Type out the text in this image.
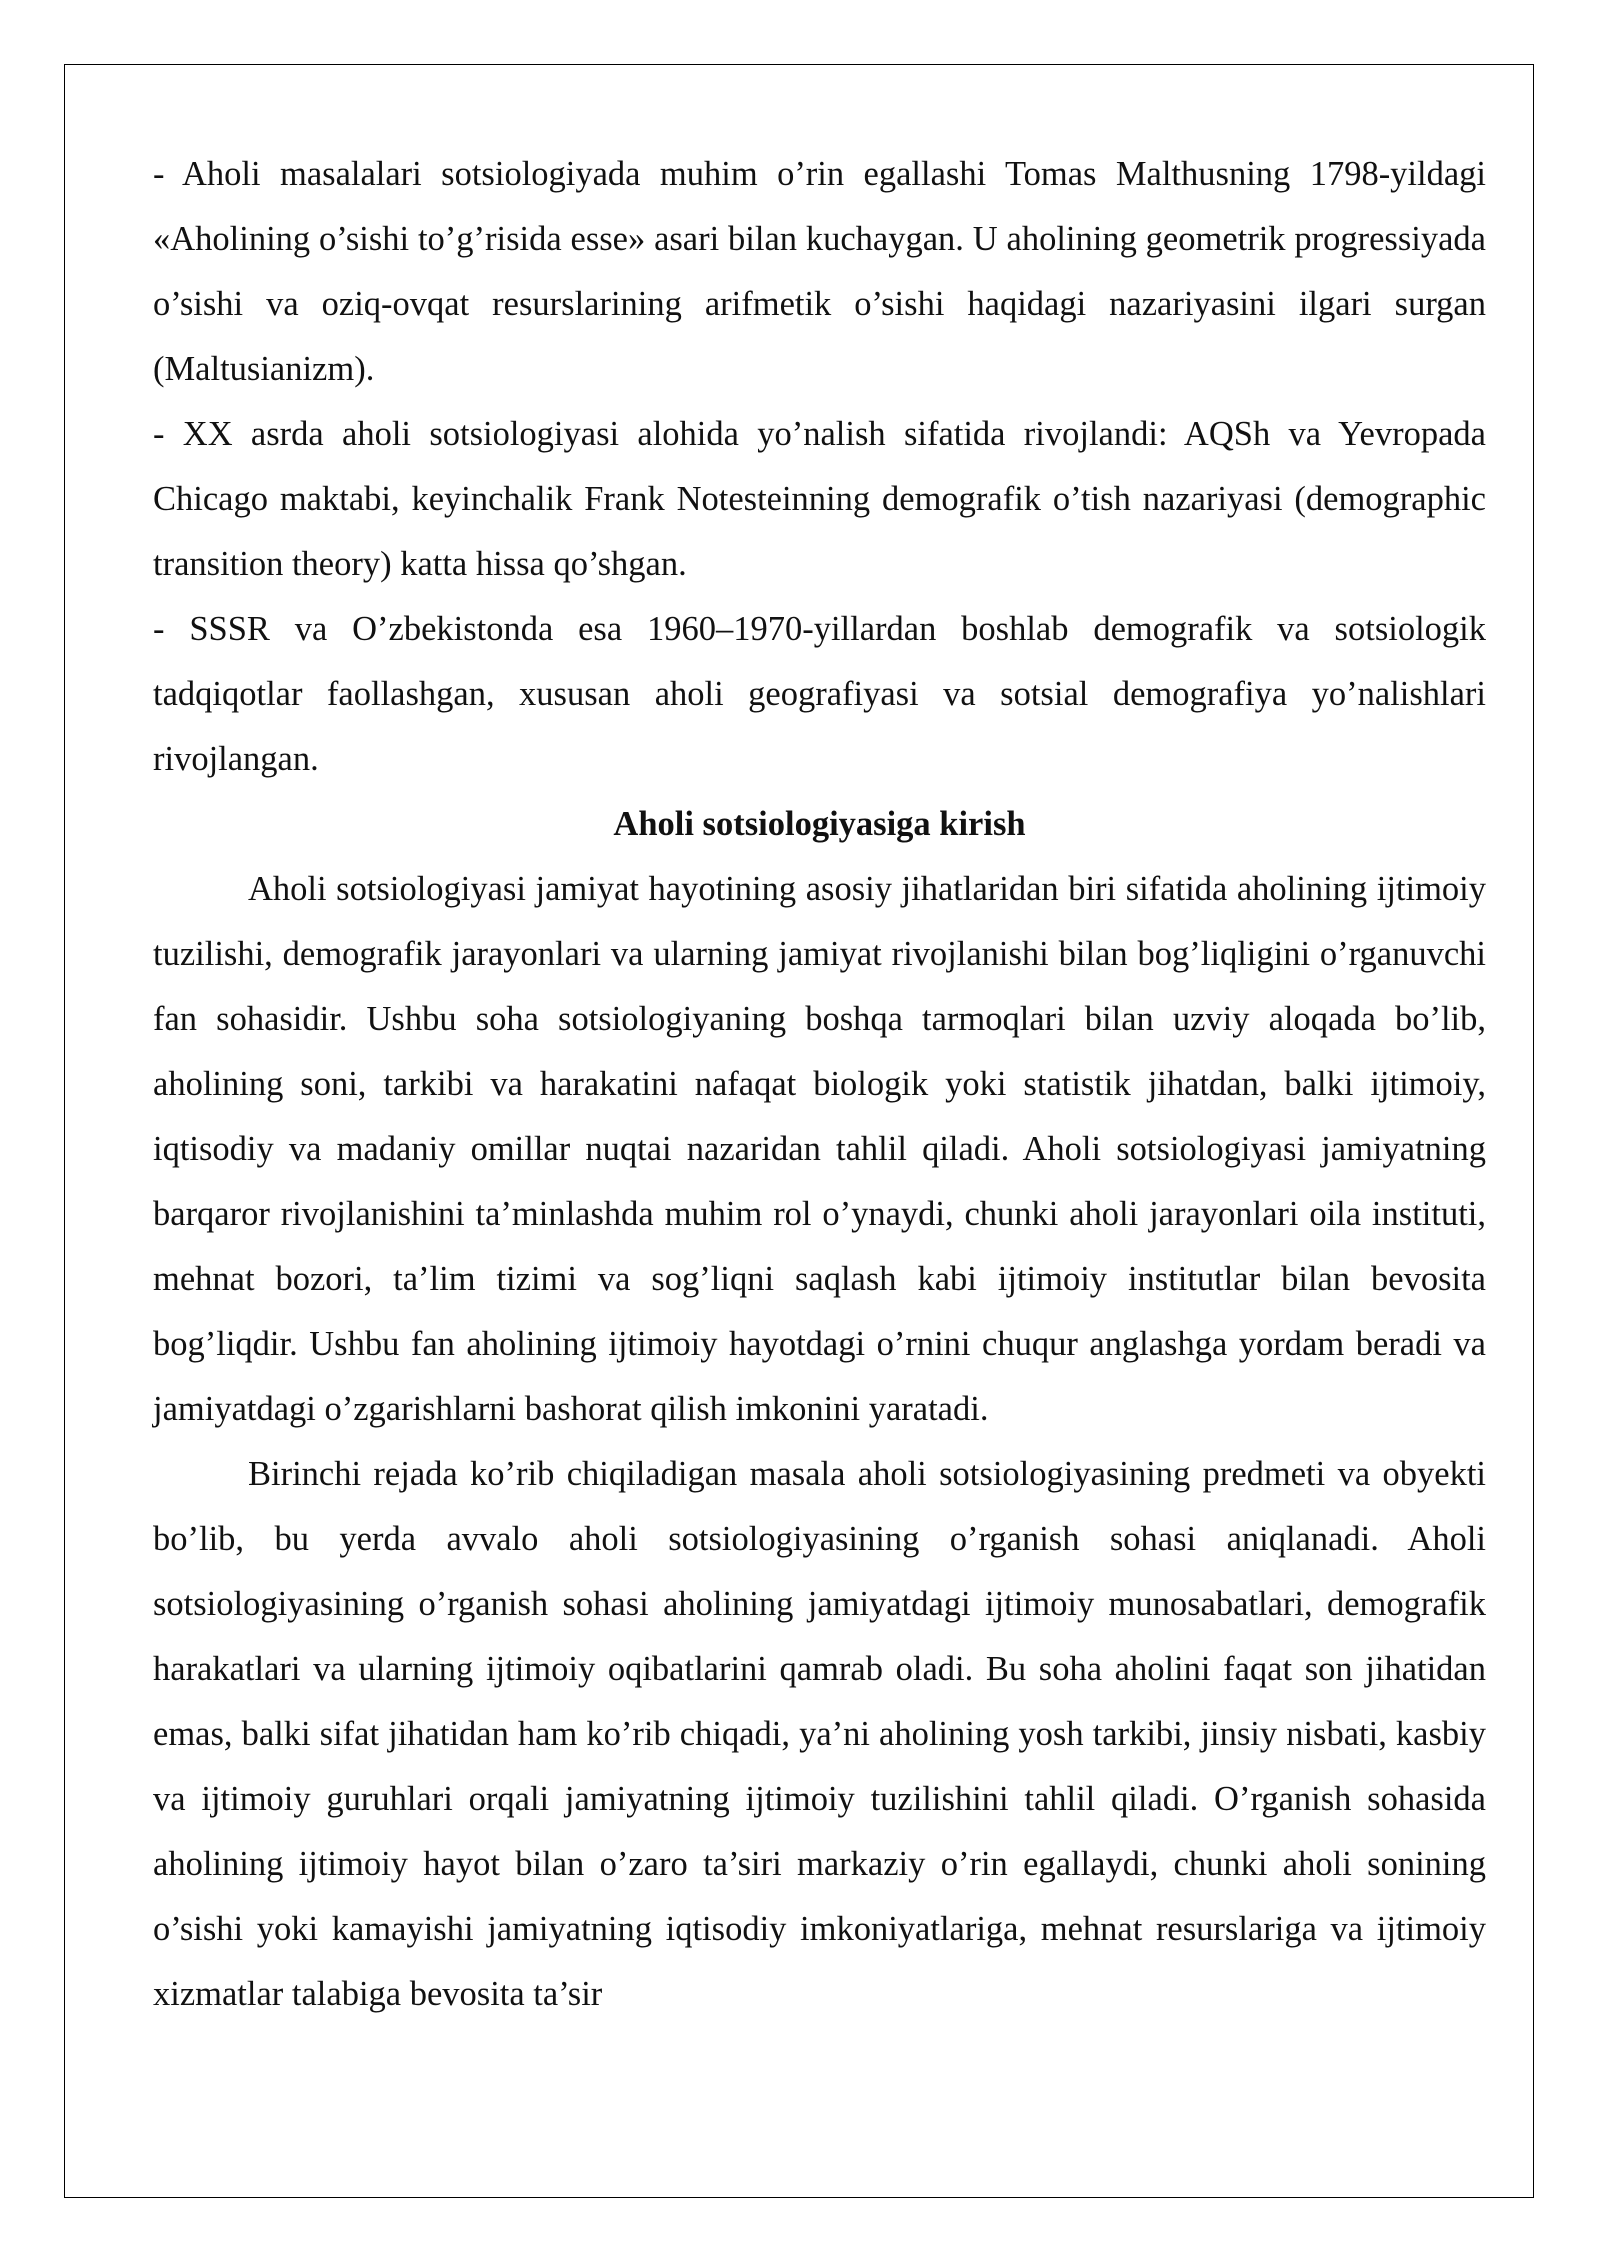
- Aholi masalalari sotsiologiyada muhim o’rin egallashi Tomas Malthusning 1798-yildagi «Aholining o’sishi to’g’risida esse» asari bilan kuchaygan. U aholining geometrik progressiyada o’sishi va oziq-ovqat resurslarining arifmetik o’sishi haqidagi nazariyasini ilgari surgan (Maltusianizm).

- XX asrda aholi sotsiologiyasi alohida yo’nalish sifatida rivojlandi: AQSh va Yevropada Chicago maktabi, keyinchalik Frank Notesteinning demografik o’tish nazariyasi (demographic transition theory) katta hissa qo’shgan.

- SSSR va O’zbekistonda esa 1960–1970-yillardan boshlab demografik va sotsiologik tadqiqotlar faollashgan, xususan aholi geografiyasi va sotsial demografiya yo’nalishlari rivojlangan.

Aholi sotsiologiyasiga kirish

Aholi sotsiologiyasi jamiyat hayotining asosiy jihatlaridan biri sifatida aholining ijtimoiy tuzilishi, demografik jarayonlari va ularning jamiyat rivojlanishi bilan bog’liqligini o’rganuvchi fan sohasidir. Ushbu soha sotsiologiyaning boshqa tarmoqlari bilan uzviy aloqada bo’lib, aholining soni, tarkibi va harakatini nafaqat biologik yoki statistik jihatdan, balki ijtimoiy, iqtisodiy va madaniy omillar nuqtai nazaridan tahlil qiladi. Aholi sotsiologiyasi jamiyatning barqaror rivojlanishini ta’minlashda muhim rol o’ynaydi, chunki aholi jarayonlari oila instituti, mehnat bozori, ta’lim tizimi va sog’liqni saqlash kabi ijtimoiy institutlar bilan bevosita bog’liqdir. Ushbu fan aholining ijtimoiy hayotdagi o’rnini chuqur anglashga yordam beradi va jamiyatdagi o’zgarishlarni bashorat qilish imkonini yaratadi.

Birinchi rejada ko’rib chiqiladigan masala aholi sotsiologiyasining predmeti va obyekti bo’lib, bu yerda avvalo aholi sotsiologiyasining o’rganish sohasi aniqlanadi. Aholi sotsiologiyasining o’rganish sohasi aholining jamiyatdagi ijtimoiy munosabatlari, demografik harakatlari va ularning ijtimoiy oqibatlarini qamrab oladi. Bu soha aholini faqat son jihatidan emas, balki sifat jihatidan ham ko’rib chiqadi, ya’ni aholining yosh tarkibi, jinsiy nisbati, kasbiy va ijtimoiy guruhlari orqali jamiyatning ijtimoiy tuzilishini tahlil qiladi. O’rganish sohasida aholining ijtimoiy hayot bilan o’zaro ta’siri markaziy o’rin egallaydi, chunki aholi sonining o’sishi yoki kamayishi jamiyatning iqtisodiy imkoniyatlariga, mehnat resurslariga va ijtimoiy xizmatlar talabiga bevosita ta’sir
